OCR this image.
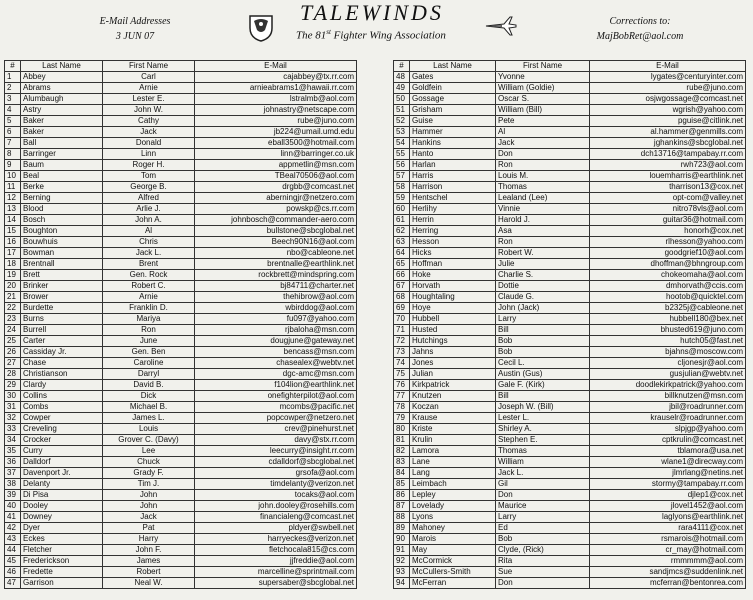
E-Mail Addresses
3 JUN 07
TALEWINDS
The 81st Fighter Wing Association
Corrections to:
MajBobRet@aol.com
#	Last Name	First Name	E-Mail
1	Abbey	Carl	cajabbey@tx.rr.com
2	Abrams	Arnie	arnieabrams1@hawaii.rr.com
3	Alumbaugh	Lester E.	lstralmb@aol.com
4	Astry	John W.	johnastry@netscape.com
5	Baker	Cathy	rube@juno.com
6	Baker	Jack	jb224@umail.umd.edu
7	Ball	Donald	eball3500@hotmail.com
8	Barringer	Linn	linn@barringer.co.uk
9	Baum	Roger H.	appmetlin@msn.com
10	Beal	Tom	TBeal70506@aol.com
11	Berke	George B.	drgbb@comcast.net
12	Berning	Alfred	aberningjr@netzero.com
13	Blood	Arlie J.	powskp@cs.rr.com
14	Bosch	John A.	johnbosch@commander-aero.com
15	Boughton	Al	bullstone@sbcglobal.net
16	Bouwhuis	Chris	Beech90N16@aol.com
17	Bowman	Jack L.	nbo@cableone.net
18	Brentnall	Brent	brentnalle@earthlink.net
19	Brett	Gen. Rock	rockbrett@mindspring.com
20	Brinker	Robert C.	bj84711@charter.net
21	Brower	Arnie	thehibrow@aol.com
22	Burdette	Franklin D.	wbirddog@aol.com
23	Burns	Mariya	fu097@yahoo.com
24	Burrell	Ron	rjbaloha@msn.com
25	Carter	June	dougjune@gateway.net
26	Cassiday Jr.	Gen. Ben	bencass@msn.com
27	Chase	Caroline	chasealex@webtv.net
28	Christianson	Darryl	dgc-amc@msn.com
29	Clardy	David B.	f104lion@earthlink.net
30	Collins	Dick	onefighterpilot@aol.com
31	Combs	Michael B.	mcombs@pacific.net
32	Cowper	James L.	popcowper@netzero.net
33	Creveling	Louis	crev@pinehurst.net
34	Crocker	Grover C. (Davy)	davy@stx.rr.com
35	Curry	Lee	leecurry@insight.rr.com
36	Dalldorf	Chuck	cdalldorf@sbcglobal.net
37	Davenport Jr.	Grady F.	grsofa@aol.com
38	Delanty	Tim J.	timdelanty@verizon.net
39	Di Pisa	John	tocaks@aol.com
40	Dooley	John	john.dooley@rosehills.com
41	Downey	Jack	financialeng@comcast.net
42	Dyer	Pat	pldyer@swbell.net
43	Eckes	Harry	harryeckes@verizon.net
44	Fletcher	John F.	fletchocala815@cs.com
45	Frederickson	James	jjfreddie@aol.com
46	Fredette	Robert	marcelline@sprintmail.com
47	Garrison	Neal W.	supersaber@sbcglobal.net
#	Last Name	First Name	E-Mail
48	Gates	Yvonne	lygates@centuryinter.com
49	Goldfein	William (Goldie)	rube@juno.com
50	Gossage	Oscar S.	osjwgossage@comcast.net
51	Grisham	William (Bill)	wgrish@yahoo.com
52	Guise	Pete	pguise@citlink.net
53	Hammer	Al	al.hammer@genmills.com
54	Hankins	Jack	jghankins@sbcglobal.net
55	Hanto	Don	dch13716@tampabay.rr.com
56	Harlan	Ron	rwh723@aol.com
57	Harris	Louis M.	louemharris@earthlink.net
58	Harrison	Thomas	tharrison13@cox.net
59	Hentschel	Lealand (Lee)	opt-com@valley.net
60	Herlihy	Vinnie	nitro78vls@aol.com
61	Herrin	Harold J.	guitar36@hotmail.com
62	Herring	Asa	honorh@cox.net
63	Hesson	Ron	rlhesson@yahoo.com
64	Hicks	Robert W.	goodgrief10@aol.com
65	Hoffman	Julie	dhoffman@bhngroup.com
66	Hoke	Charlie S.	chokeomaha@aol.com
67	Horvath	Dottie	dmhorvath@ccis.com
68	Houghtaling	Claude G.	hootob@quicktel.com
69	Hoye	John (Jack)	b2325j@cableone.net
70	Hubbell	Larry	hubbell180@bex.net
71	Husted	Bill	bhusted619@juno.com
72	Hutchings	Bob	hutch05@fast.net
73	Jahns	Bob	bjahns@moscow.com
74	Jones	Cecil L.	cljonesjr@aol.com
75	Julian	Austin (Gus)	gusjulian@webtv.net
76	Kirkpatrick	Gale F. (Kirk)	doodlekirkpatrick@yahoo.com
77	Knutzen	Bill	billknutzen@msn.com
78	Koczan	Joseph W. (Bill)	jbil@roadrunner.com
79	Krause	Lester L.	krauselr@roadrunner.com
80	Kriste	Shirley A.	slpjgp@yahoo.com
81	Krulin	Stephen E.	cptkrulin@comcast.net
82	Lamora	Thomas	tblamora@usa.net
83	Lane	William	wlane1@direcway.com
84	Lang	Jack L.	jlmrlang@netins.net
85	Leimbach	Gil	stormy@tampabay.rr.com
86	Lepley	Don	djlep1@cox.net
87	Lovelady	Maurice	jlovel1452@aol.com
88	Lyons	Larry	laglyons@earthlink.net
89	Mahoney	Ed	rara4111@cox.net
90	Marois	Bob	rsmarois@hotmail.com
91	May	Clyde, (Rick)	cr_may@hotmail.com
92	McCormick	Rita	rmmmmm@aol.com
93	McCullers-Smith	Sue	sandjmcs@suddenlink.net
94	McFerran	Don	mcferran@bentonrea.com
